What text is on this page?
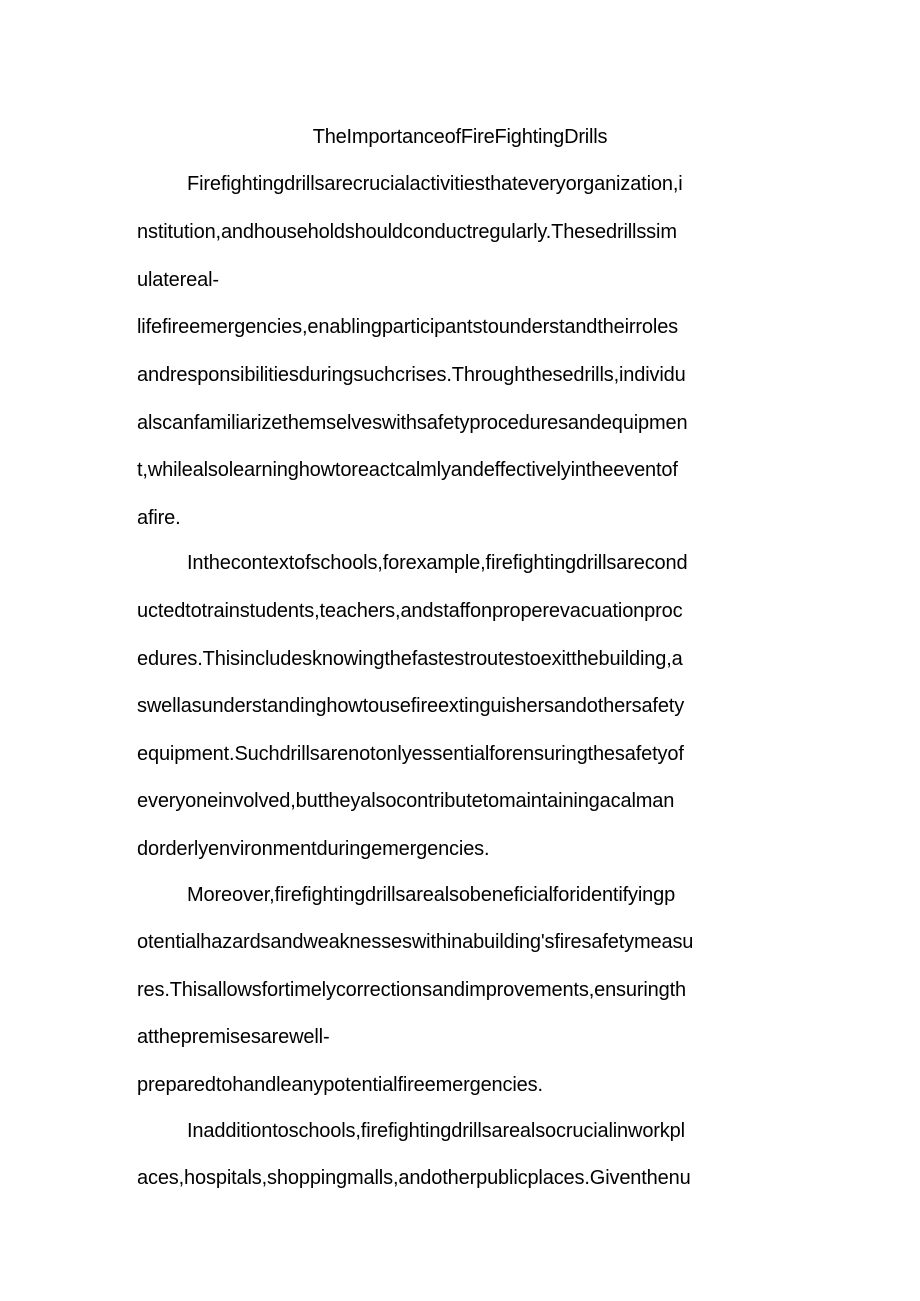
TheImportanceofFireFightingDrills
Firefightingdrillsarecrucialactivitiesthateveryorganization,i
nstitution,andhouseholdshouldconductregularly.Thesedrillssim
ulatereal-
lifefireemergencies,enablingparticipantstounderstandtheirroles
andresponsibilitiesduringsuchcrises.Throughthesedrills,individu
alscanfamiliarizethemselveswithsafetyproceduresandequipmen
t,whilealsolearninghowtoreactcalmlyandeffectivelyintheeventof
afire.
Inthecontextofschools,forexample,firefightingdrillsarecond
uctedtotrainstudents,teachers,andstaffonproperevacuationproc
edures.Thisincludesknowingthefastestroutestoexitthebuilding,a
swellasunderstandinghowtousefireextinguishersandothersafety
equipment.Suchdrillsarenotonlyessentialforensuringthesafetyof
everyoneinvolved,buttheyalsocontributetomaintainingacalman
dorderlyenvironmentduringemergencies.
Moreover,firefightingdrillsarealsobeneficialforidentifyingp
otentialhazardsandweaknesseswithinabuilding'sfiresafetymeasu
res.Thisallowsfortimelycorrectionsandimprovements,ensuringth
atthepremisesarewell-
preparedtohandleanypotentialfireemergencies.
Inadditiontoschools,firefightingdrillsarealsocrucialinworkpl
aces,hospitals,shoppingmalls,andotherpublicplaces.Giventhenu
